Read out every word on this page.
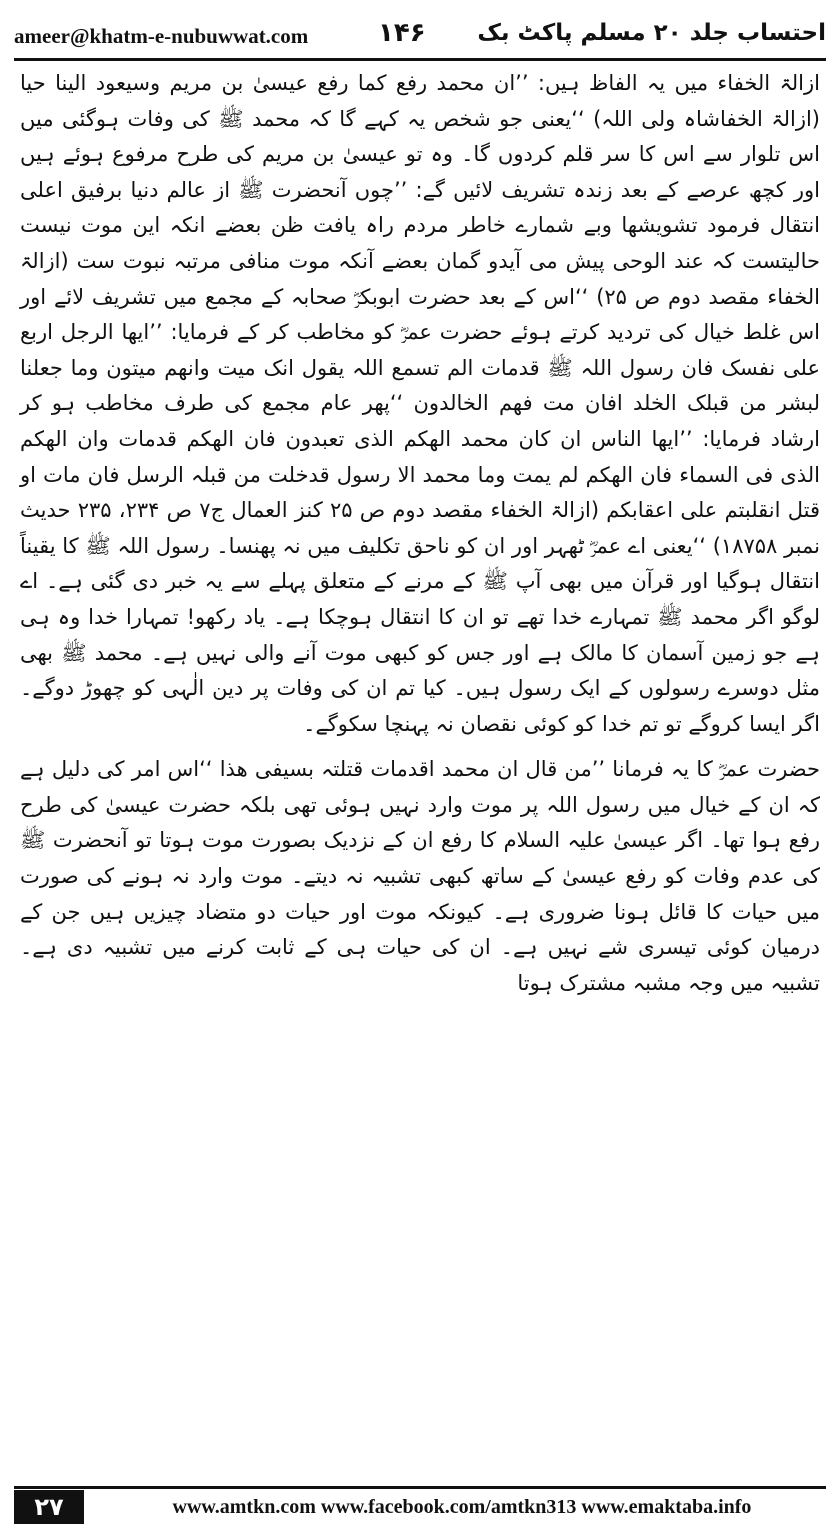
ameer@khatm-e-nubuwwat.com	۱۴۶ احتساب جلد ۲۰ مسلم پاکٹ بک

ازالۃ الخفاء میں یہ الفاظ ہیں: ’’ان محمد رفع کما رفع عیسیٰ بن مریم وسیعود الینا حیا (ازالۃ الخفاشاہ ولی اللہ) ‘‘یعنی جو شخص یہ کہے گا کہ محمد ﷺ کی وفات ہوگئی میں اس تلوار سے اس کا سر قلم کردوں گا۔ وہ تو عیسیٰ بن مریم کی طرح مرفوع ہوئے ہیں اور کچھ عرصے کے بعد زندہ تشریف لائیں گے: ’’چوں آنحضرت ﷺ از عالم دنیا برفیق اعلی انتقال فرمود تشویشھا وبے شمارے خاطر مردم راہ یافت ظن بعضے انکہ این موت نیست حالیتست کہ عند الوحی پیش می آیدو گمان بعضے آنکہ موت منافی مرتبہ نبوت ست (ازالۃ الخفاء مقصد دوم ص ۲۵) ‘‘اس کے بعد حضرت ابوبکرؓ صحابہ کے مجمع میں تشریف لائے اور اس غلط خیال کی تردید کرتے ہوئے حضرت عمرؓ کو مخاطب کر کے فرمایا: ’’ایھا الرجل اربع علی نفسک فان رسول اللہ ﷺ قدمات الم تسمع اللہ یقول انک میت وانھم میتون وما جعلنا لبشر من قبلک الخلد افان مت فھم الخالدون ‘‘پھر عام مجمع کی طرف مخاطب ہو کر ارشاد فرمایا: ’’ایھا الناس ان کان محمد الھکم الذی تعبدون فان الھکم قدمات وان الھکم الذی فی السماء فان الھکم لم یمت وما محمد الا رسول قدخلت من قبلہ الرسل فان مات او قتل انقلبتم علی اعقابکم (ازالۃ الخفاء مقصد دوم ص ۲۵ کنز العمال ج۷ ص ۲۳۴، ۲۳۵ حدیث نمبر ۱۸۷۵۸) ‘‘یعنی اے عمرؓ ٹھہر اور ان کو ناحق تکلیف میں نہ پھنسا۔ رسول اللہ ﷺ کا یقیناً انتقال ہوگیا اور قرآن میں بھی آپ ﷺ کے مرنے کے متعلق پہلے سے یہ خبر دی گئی ہے۔ اے لوگو اگر محمد ﷺ تمہارے خدا تھے تو ان کا انتقال ہوچکا ہے۔ یاد رکھو! تمہارا خدا وہ ہی ہے جو زمین آسمان کا مالک ہے اور جس کو کبھی موت آنے والی نہیں ہے۔ محمد ﷺ بھی مثل دوسرے رسولوں کے ایک رسول ہیں۔ کیا تم ان کی وفات پر دین الٰہی کو چھوڑ دوگے۔ اگر ایسا کروگے تو تم خدا کو کوئی نقصان نہ پہنچا سکوگے۔

حضرت عمرؓ کا یہ فرمانا ’’من قال ان محمد اقدمات قتلتہ بسیفی ھذا ‘‘اس امر کی دلیل ہے کہ ان کے خیال میں رسول اللہ پر موت وارد نہیں ہوئی تھی بلکہ حضرت عیسیٰ کی طرح رفع ہوا تھا۔ اگر عیسیٰ علیہ السلام کا رفع ان کے نزدیک بصورت موت ہوتا تو آنحضرت ﷺ کی عدم وفات کو رفع عیسیٰ کے ساتھ کبھی تشبیہ نہ دیتے۔ موت وارد نہ ہونے کی صورت میں حیات کا قائل ہونا ضروری ہے۔ کیونکہ موت اور حیات دو متضاد چیزیں ہیں جن کے درمیان کوئی تیسری شے نہیں ہے۔ ان کی حیات ہی کے ثابت کرنے میں تشبیہ دی ہے۔ تشبیہ میں وجہ مشبہ مشترک ہوتا

۲۷	www.amtkn.com www.facebook.com/amtkn313 www.emaktaba.info
